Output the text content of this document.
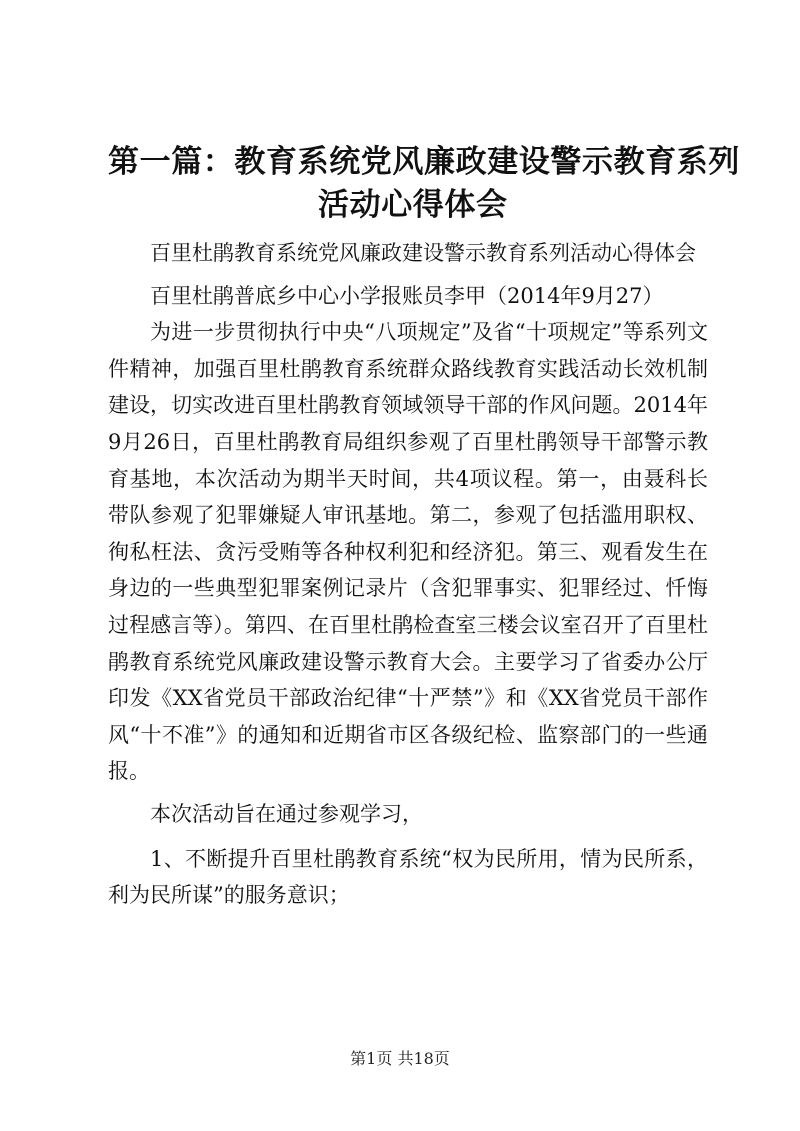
第一篇：教育系统党风廉政建设警示教育系列
活动心得体会

百里杜鹃教育系统党风廉政建设警示教育系列活动心得体会

百里杜鹃普底乡中心小学报账员李甲（2014年9月27）

为进一步贯彻执行中央“八项规定”及省“十项规定”等系列文件精神，加强百里杜鹃教育系统群众路线教育实践活动长效机制建设，切实改进百里杜鹃教育领域领导干部的作风问题。2014年9月26日，百里杜鹃教育局组织参观了百里杜鹃领导干部警示教育基地，本次活动为期半天时间，共4项议程。第一，由聂科长带队参观了犯罪嫌疑人审讯基地。第二，参观了包括滥用职权、徇私枉法、贪污受贿等各种权利犯和经济犯。第三、观看发生在身边的一些典型犯罪案例记录片（含犯罪事实、犯罪经过、忏悔过程感言等）。第四、在百里杜鹃检查室三楼会议室召开了百里杜鹃教育系统党风廉政建设警示教育大会。主要学习了省委办公厅印发《XX省党员干部政治纪律“十严禁”》和《XX省党员干部作风“十不准”》的通知和近期省市区各级纪检、监察部门的一些通报。

本次活动旨在通过参观学习，

1、不断提升百里杜鹃教育系统“权为民所用，情为民所系，利为民所谋”的服务意识；

第1页 共18页
